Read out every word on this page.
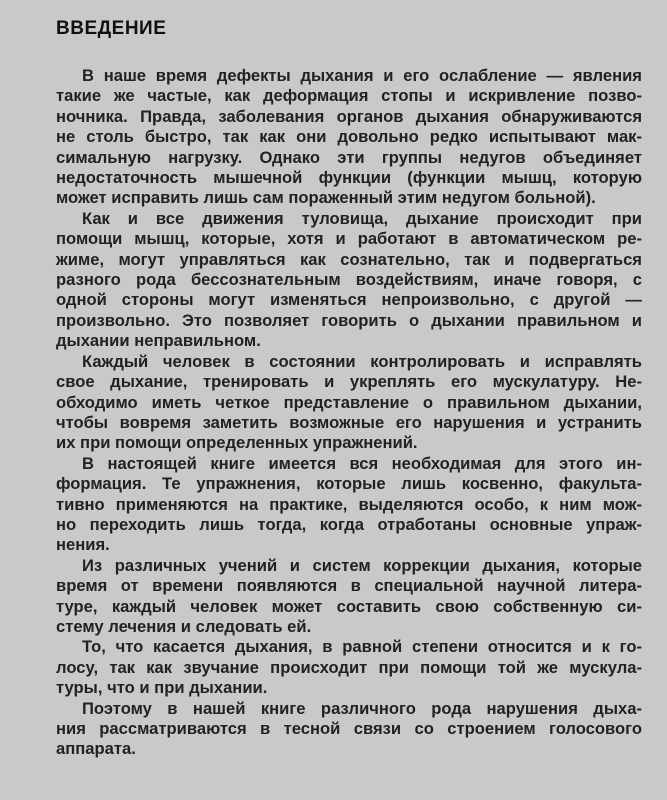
ВВЕДЕНИЕ
В наше время дефекты дыхания и его ослабление — явления
такие же частые, как деформация стопы и искривление позво-
ночника. Правда, заболевания органов дыхания обнаруживаются
не столь быстро, так как они довольно редко испытывают мак-
симальную нагрузку. Однако эти группы недугов объединяет
недостаточность мышечной функции (функции мышц, которую
может исправить лишь сам пораженный этим недугом больной).
Как и все движения туловища, дыхание происходит при
помощи мышц, которые, хотя и работают в автоматическом ре-
жиме, могут управляться как сознательно, так и подвергаться
разного рода бессознательным воздействиям, иначе говоря, с
одной стороны могут изменяться непроизвольно, с другой —
произвольно. Это позволяет говорить о дыхании правильном и
дыхании неправильном.
Каждый человек в состоянии контролировать и исправлять
свое дыхание, тренировать и укреплять его мускулатуру. Не-
обходимо иметь четкое представление о правильном дыхании,
чтобы вовремя заметить возможные его нарушения и устранить
их при помощи определенных упражнений.
В настоящей книге имеется вся необходимая для этого ин-
формация. Те упражнения, которые лишь косвенно, факульта-
тивно применяются на практике, выделяются особо, к ним мож-
но переходить лишь тогда, когда отработаны основные упраж-
нения.
Из различных учений и систем коррекции дыхания, которые
время от времени появляются в специальной научной литера-
туре, каждый человек может составить свою собственную си-
стему лечения и следовать ей.
То, что касается дыхания, в равной степени относится и к го-
лосу, так как звучание происходит при помощи той же мускула-
туры, что и при дыхании.
Поэтому в нашей книге различного рода нарушения дыха-
ния рассматриваются в тесной связи со строением голосового
аппарата.
